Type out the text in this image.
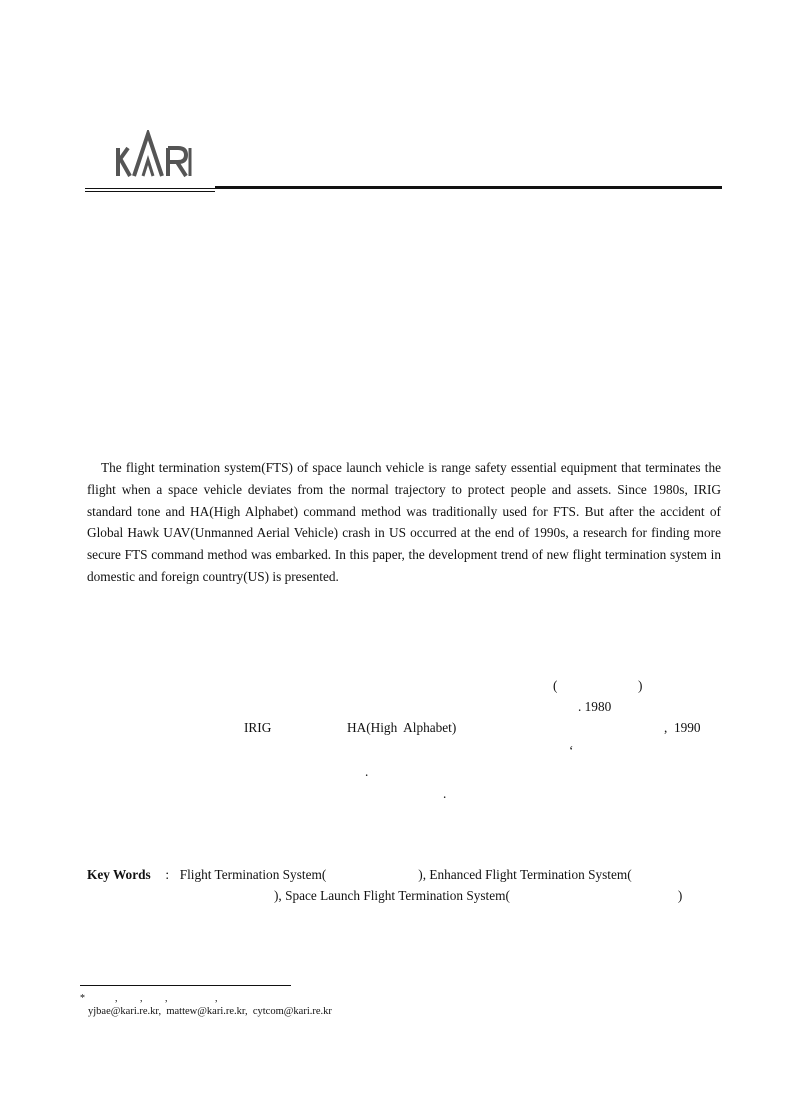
The flight termination system(FTS) of space launch vehicle is range safety essential equipment that terminates the flight when a space vehicle deviates from the normal trajectory to protect people and assets. Since 1980s, IRIG standard tone and HA(High Alphabet) command method was traditionally used for FTS. But after the accident of Global Hawk UAV(Unmanned Aerial Vehicle) crash in US occurred at the end of 1990s, a research for finding more secure FTS command method was embarked. In this paper, the development trend of new flight termination system in domestic and foreign country(US) is presented.

(	)
. 1980
IRIG	HA(High  Alphabet)	,  1990
‘
.
.
Key Words : Flight Termination System(	), Enhanced Flight Termination System(
), Space Launch Flight Termination System(	)
*	,         ,         ,                   ,
yjbae@kari.re.kr,  mattew@kari.re.kr,  cytcom@kari.re.kr
